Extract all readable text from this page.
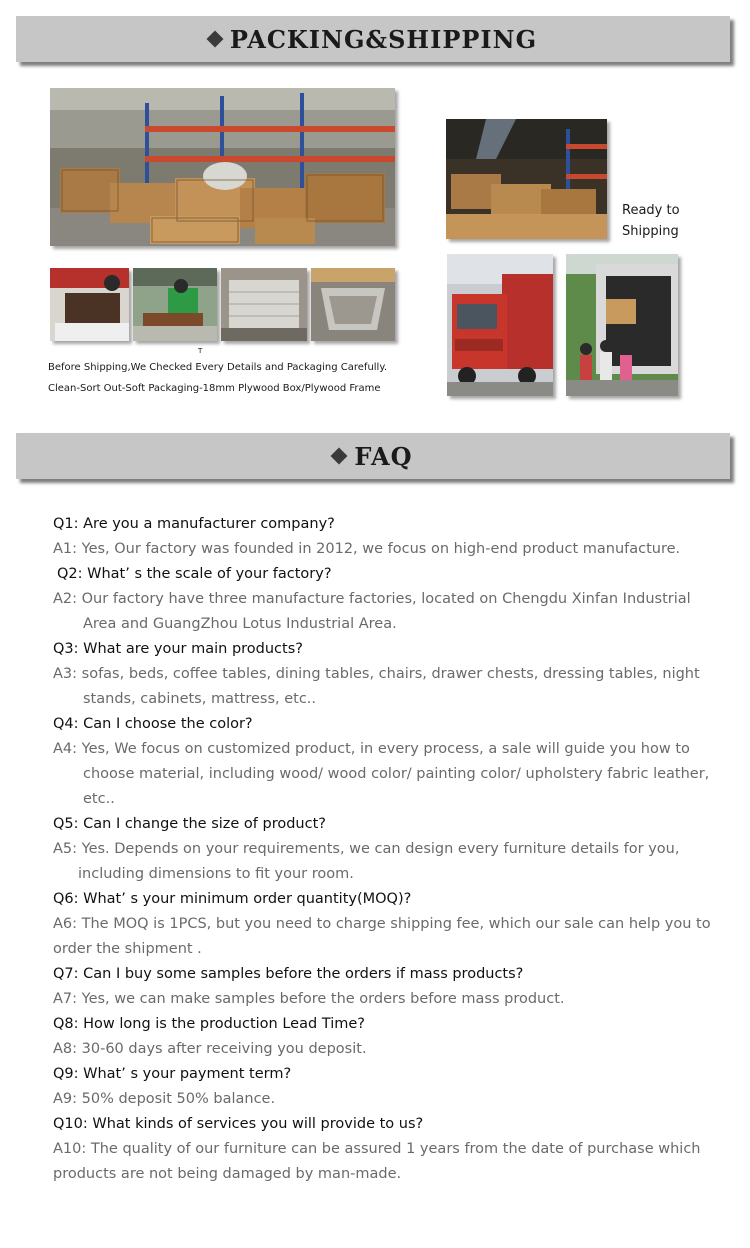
PACKING&SHIPPING
T
Before Shipping,We Checked Every Details and Packaging Carefully.
Clean-Sort Out-Soft Packaging-18mm Plywood Box/Plywood Frame
Ready to
Shipping
FAQ
Q1: Are you a manufacturer company?
A1: Yes, Our factory was founded in 2012, we focus on high-end product manufacture.
Q2: What’ s the scale of your factory?
A2: Our factory have three manufacture factories, located on Chengdu Xinfan Industrial Area and GuangZhou Lotus Industrial Area.
Q3: What are your main products?
A3: sofas, beds, coffee tables, dining tables, chairs, drawer chests, dressing tables, night stands, cabinets, mattress, etc..
Q4: Can I choose the color?
A4: Yes, We focus on customized product, in every process, a sale will guide you how to choose material, including wood/ wood color/ painting color/ upholstery fabric leather, etc..
Q5: Can I change the size of product?
A5: Yes. Depends on your requirements, we can design every furniture details for you, including dimensions to fit your room.
Q6: What’ s your minimum order quantity(MOQ)?
A6: The MOQ is 1PCS, but you need to charge shipping fee, which our sale can help you to order the shipment .
Q7: Can I buy some samples before the orders if mass products?
A7: Yes, we can make samples before the orders before mass product.
Q8: How long is the production Lead Time?
A8: 30-60 days after receiving you deposit.
Q9: What’ s your payment term?
A9: 50% deposit 50% balance.
Q10: What kinds of services you will provide to us?
A10: The quality of our furniture can be assured 1 years from the date of purchase which products are not being damaged by man-made.
